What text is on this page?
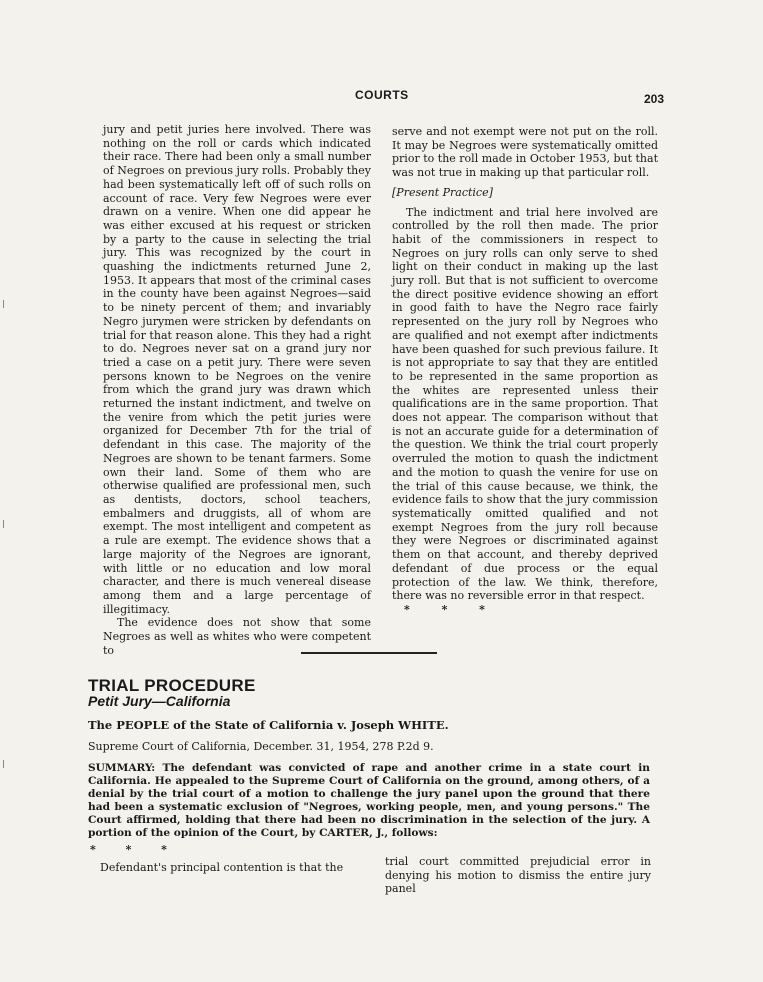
COURTS	203

jury and petit juries here involved. There was nothing on the roll or cards which indicated their race. There had been only a small number of Negroes on previous jury rolls. Probably they had been systematically left off of such rolls on account of race. Very few Negroes were ever drawn on a venire. When one did appear he was either excused at his request or stricken by a party to the cause in selecting the trial jury. This was recognized by the court in quashing the indictments returned June 2, 1953. It appears that most of the criminal cases in the county have been against Negroes—said to be ninety percent of them; and invariably Negro jurymen were stricken by defendants on trial for that reason alone. This they had a right to do. Negroes never sat on a grand jury nor tried a case on a petit jury. There were seven persons known to be Negroes on the venire from which the grand jury was drawn which returned the instant indictment, and twelve on the venire from which the petit juries were organized for December 7th for the trial of defendant in this case. The majority of the Negroes are shown to be tenant farmers. Some own their land. Some of them who are otherwise qualified are professional men, such as dentists, doctors, school teachers, embalmers and druggists, all of whom are exempt. The most intelligent and competent as a rule are exempt. The evidence shows that a large majority of the Negroes are ignorant, with little or no education and low moral character, and there is much venereal disease among them and a large percentage of illegitimacy.

The evidence does not show that some Negroes as well as whites who were competent to

serve and not exempt were not put on the roll. It may be Negroes were systematically omitted prior to the roll made in October 1953, but that was not true in making up that particular roll.

[Present Practice]

The indictment and trial here involved are controlled by the roll then made. The prior habit of the commissioners in respect to Negroes on jury rolls can only serve to shed light on their conduct in making up the last jury roll. But that is not sufficient to overcome the direct positive evidence showing an effort in good faith to have the Negro race fairly represented on the jury roll by Negroes who are qualified and not exempt after indictments have been quashed for such previous failure. It is not appropriate to say that they are entitled to be represented in the same proportion as the whites are represented unless their qualifications are in the same proportion. That does not appear. The comparison without that is not an accurate guide for a determination of the question. We think the trial court properly overruled the motion to quash the indictment and the motion to quash the venire for use on the trial of this cause because, we think, the evidence fails to show that the jury commission systematically omitted qualified and not exempt Negroes from the jury roll because they were Negroes or discriminated against them on that account, and thereby deprived defendant of due process or the equal protection of the law. We think, therefore, there was no reversible error in that respect.

* * *
TRIAL PROCEDURE
Petit Jury—California
The PEOPLE of the State of California v. Joseph WHITE.
Supreme Court of California, December. 31, 1954, 278 P.2d 9.
SUMMARY: The defendant was convicted of rape and another crime in a state court in California. He appealed to the Supreme Court of California on the ground, among others, of a denial by the trial court of a motion to challenge the jury panel upon the ground that there had been a systematic exclusion of "Negroes, working people, men, and young persons." The Court affirmed, holding that there had been no discrimination in the selection of the jury. A portion of the opinion of the Court, by CARTER, J., follows:
* * *
Defendant's principal contention is that the	trial court committed prejudicial error in denying his motion to dismiss the entire jury panel
